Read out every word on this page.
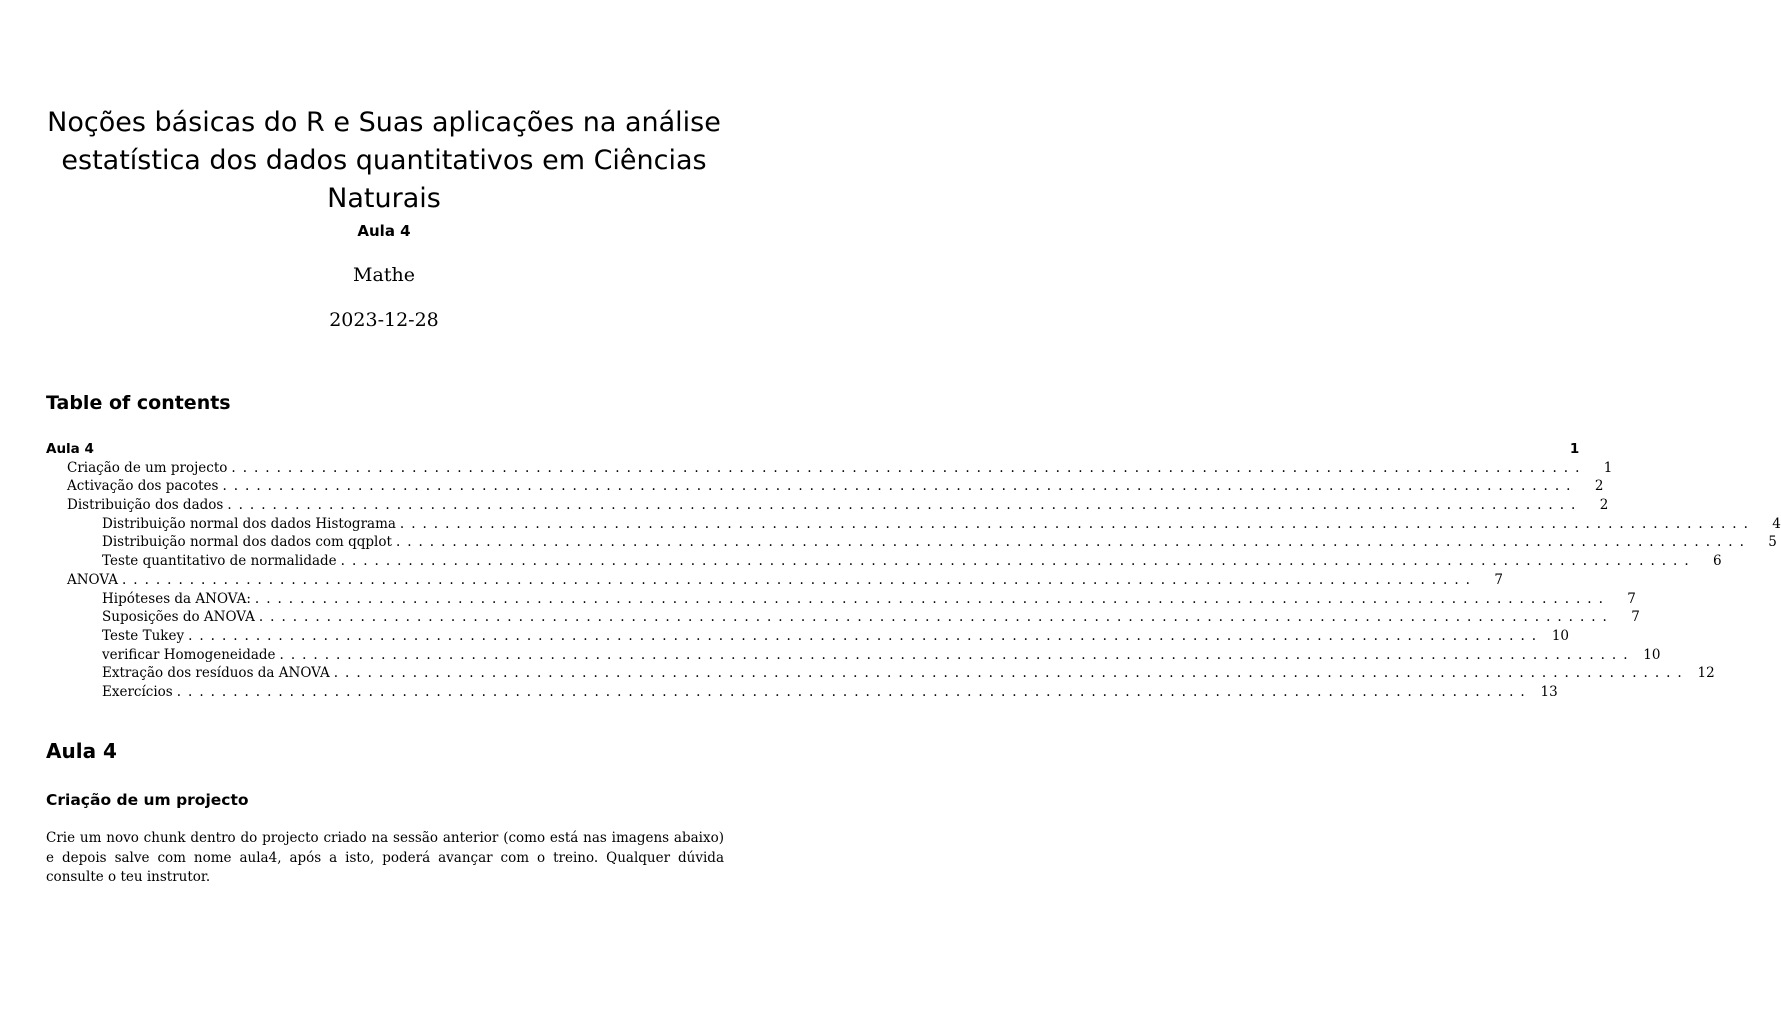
Noções básicas do R e Suas aplicações na análise estatística dos dados quantitativos em Ciências Naturais
Aula 4
Mathe
2023-12-28
Table of contents
Aula 4	1
Criação de um projecto ........................................................................................................................	1
Activação dos pacotes ........................................................................................................................	2
Distribuição dos dados ........................................................................................................................	2
Distribuição normal dos dados Histograma ........................................................................................................................	4
Distribuição normal dos dados com qqplot ........................................................................................................................	5
Teste quantitativo de normalidade ........................................................................................................................	6
ANOVA ........................................................................................................................	7
Hipóteses da ANOVA: ........................................................................................................................	7
Suposições do ANOVA ........................................................................................................................	7
Teste Tukey ........................................................................................................................ 10
verificar Homogeneidade ........................................................................................................................ 10
Extração dos resíduos da ANOVA ........................................................................................................................ 12
Exercícios ........................................................................................................................ 13
Aula 4
Criação de um projecto

Crie um novo chunk dentro do projecto criado na sessão anterior (como está nas imagens abaixo) e depois salve com nome aula4, após a isto, poderá avançar com o treino. Qualquer dúvida consulte o teu instrutor.
